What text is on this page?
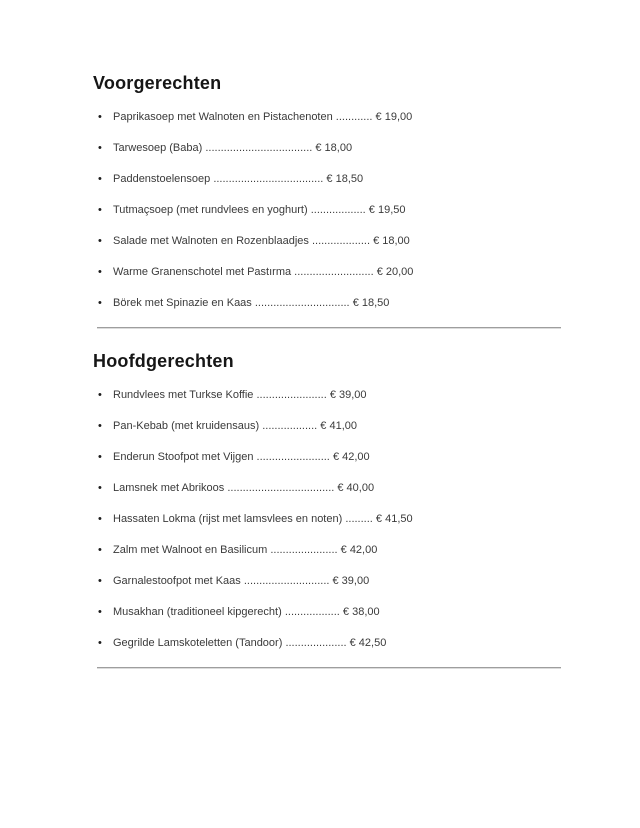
Voorgerechten
• Paprikasoep met Walnoten en Pistachenoten ............ € 19,00
• Tarwesoep (Baba) ................................... € 18,00
• Paddenstoelensoep .................................... € 18,50
• Tutmaçsoep (met rundvlees en yoghurt) .................. € 19,50
• Salade met Walnoten en Rozenblaadjes ................... € 18,00
• Warme Granenschotel met Pastırma .......................... € 20,00
• Börek met Spinazie en Kaas ............................... € 18,50
Hoofdgerechten
• Rundvlees met Turkse Koffie ....................... € 39,00
• Pan-Kebab (met kruidensaus) .................. € 41,00
• Enderun Stoofpot met Vijgen ........................ € 42,00
• Lamsnek met Abrikoos ................................... € 40,00
• Hassaten Lokma (rijst met lamsvlees en noten) ......... € 41,50
• Zalm met Walnoot en Basilicum ...................... € 42,00
• Garnalestoofpot met Kaas ............................ € 39,00
• Musakhan (traditioneel kipgerecht) .................. € 38,00
• Gegrilde Lamskoteletten (Tandoor) .................... € 42,50
